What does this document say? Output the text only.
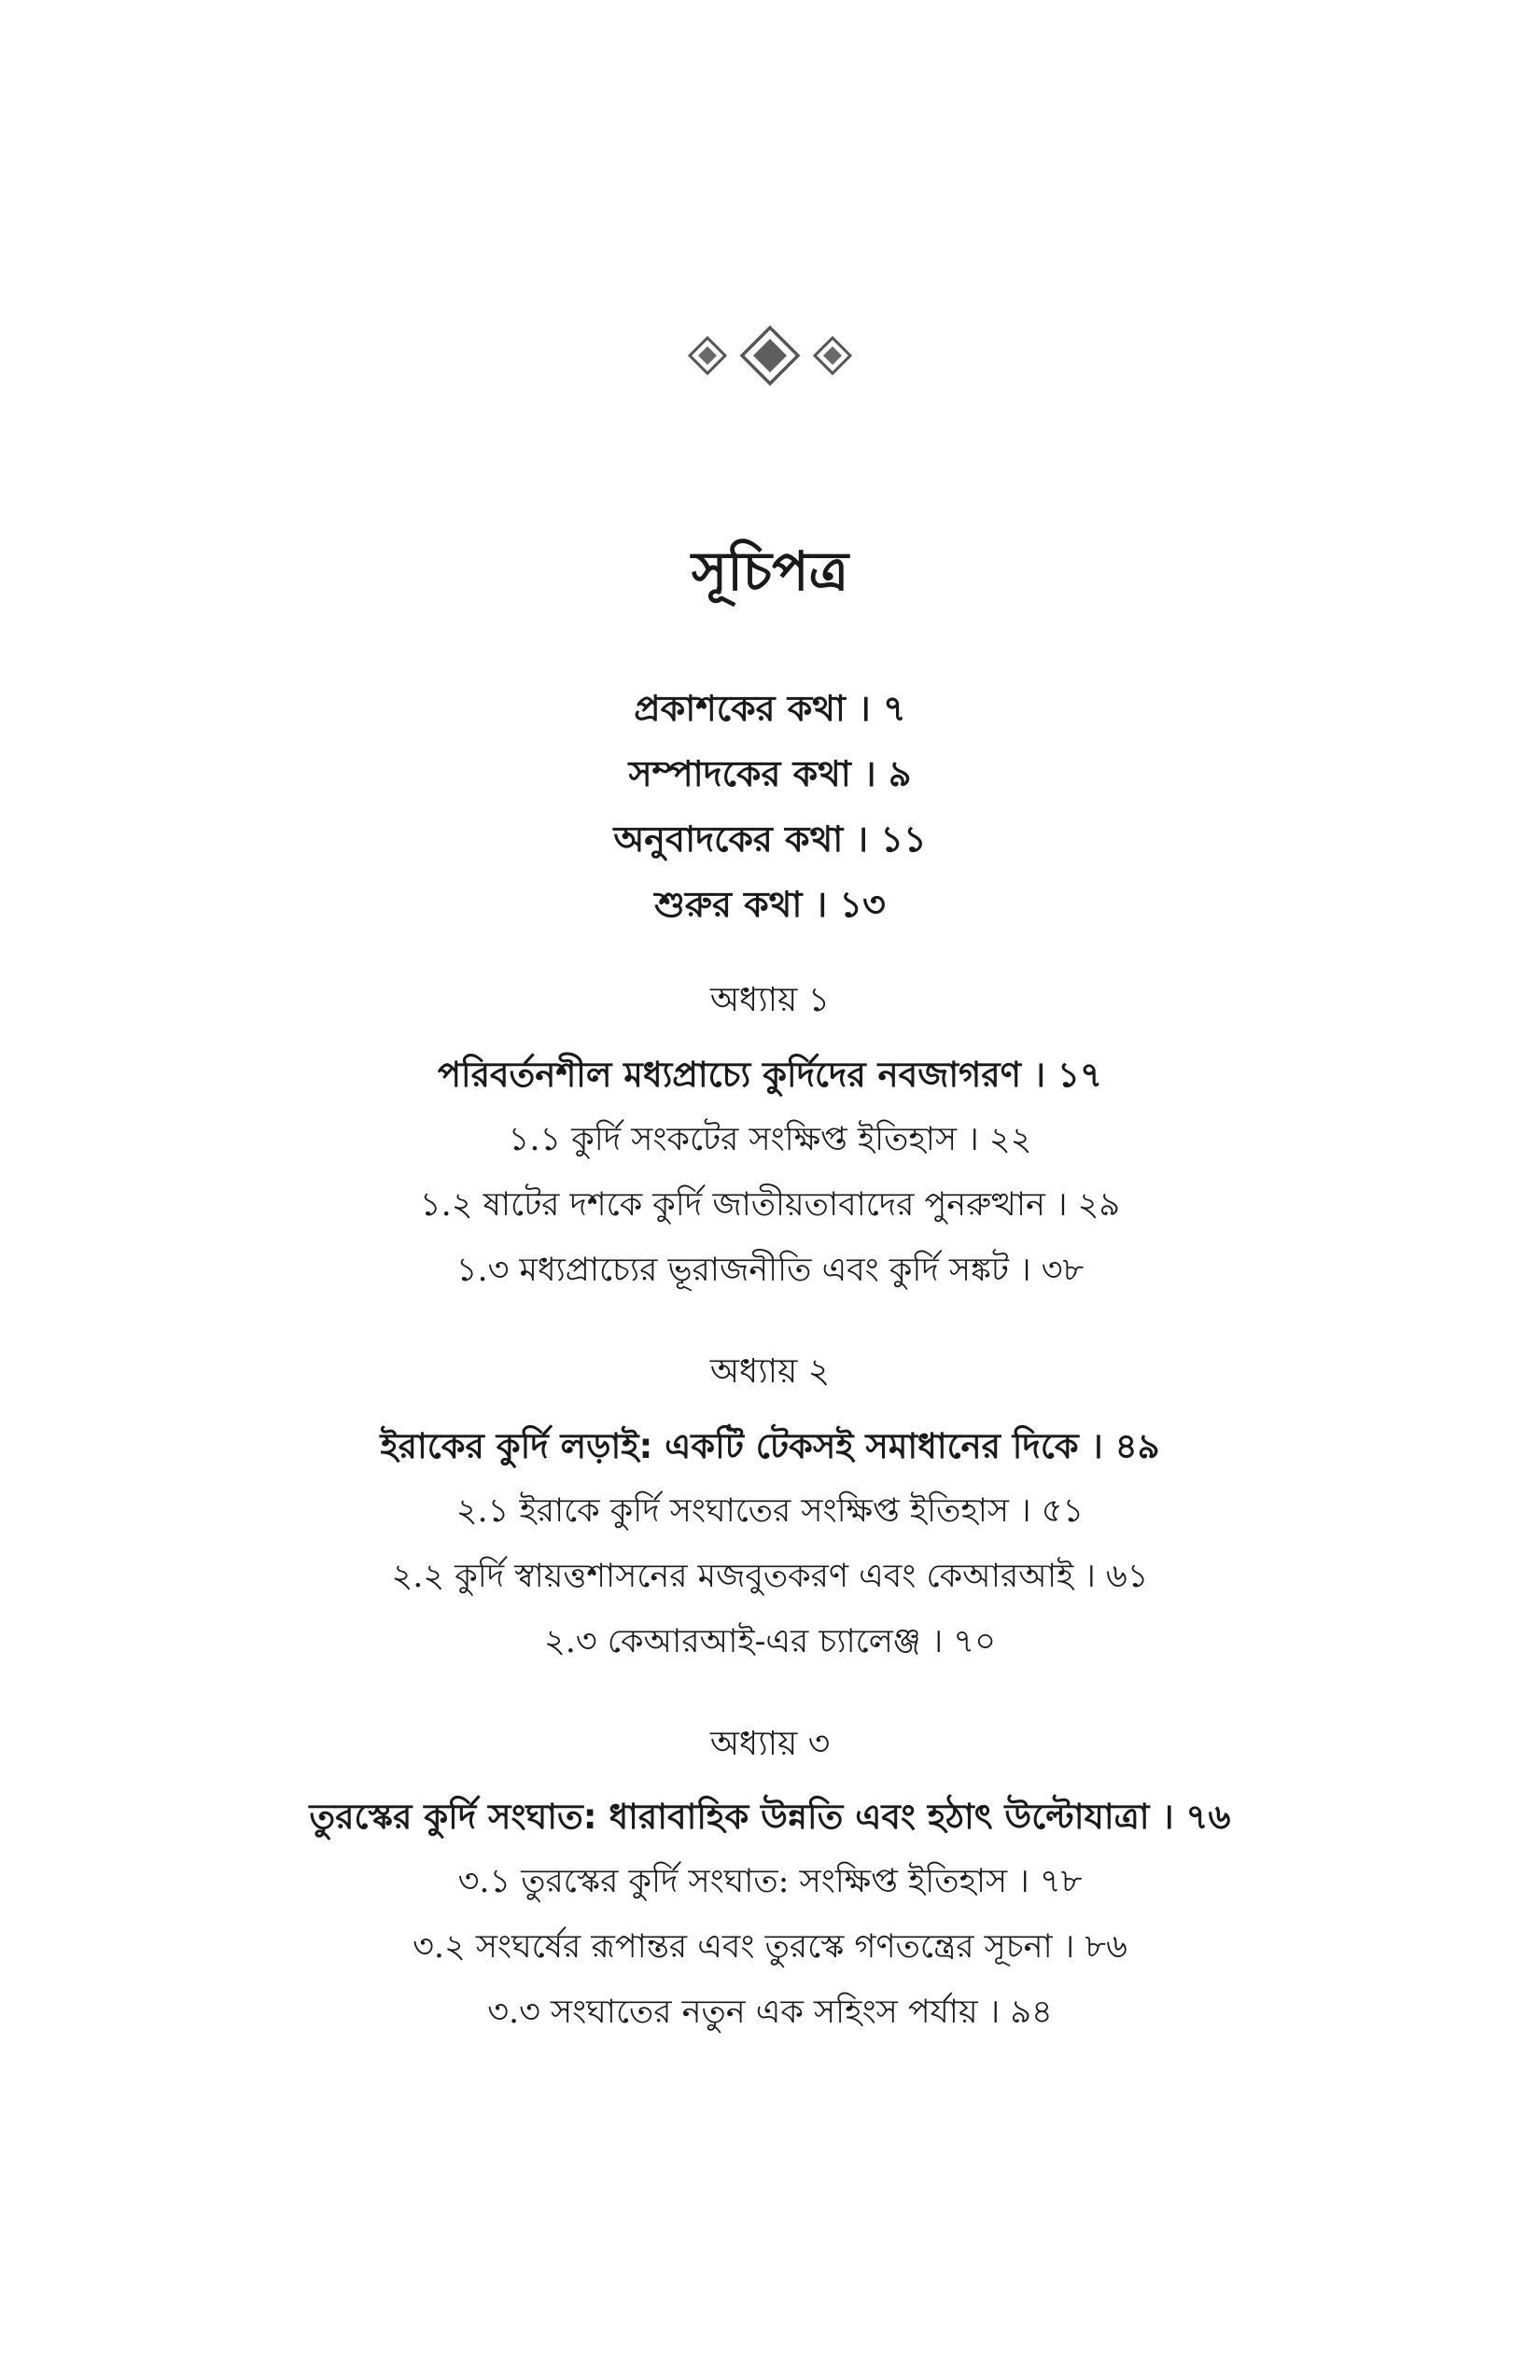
সূচিপত্র
প্রকাশকের কথা । ৭
সম্পাদকের কথা । ৯
অনুবাদকের কথা । ১১
শুরুর কথা । ১৩
অধ্যায় ১
পরিবর্তনশীল মধ্যপ্রাচ্যে কুর্দিদের নবজাগরণ । ১৭
১.১ কুর্দি সংকটের সংক্ষিপ্ত ইতিহাস । ২২
১.২ ষাটের দশকে কুর্দি জাতীয়তাবাদের পুনরুত্থান । ২৯
১.৩ মধ্যপ্রাচ্যের ভূরাজনীতি এবং কুর্দি সঙ্কট । ৩৮
অধ্যায় ২
ইরাকের কুর্দি লড়াই: একটি টেকসই সমাধানের দিকে । ৪৯
২.১ ইরাকে কুর্দি সংঘাতের সংক্ষিপ্ত ইতিহাস । ৫১
২.২ কুর্দি স্বায়ত্তশাসনের মজবুতকরণ এবং কেআরআই । ৬১
২.৩ কেআরআই-এর চ্যালেঞ্জ । ৭০
অধ্যায় ৩
তুরস্কের কুর্দি সংঘাত: ধারাবাহিক উন্নতি এবং হঠাৎ উল্টোযাত্রা । ৭৬
৩.১ তুরস্কের কুর্দি সংঘাত: সংক্ষিপ্ত ইতিহাস । ৭৮
৩.২ সংঘর্ষের রূপান্তর এবং তুরস্কে গণতন্ত্রের সূচনা । ৮৬
৩.৩ সংঘাতের নতুন এক সহিংস পর্যায় । ৯৪
